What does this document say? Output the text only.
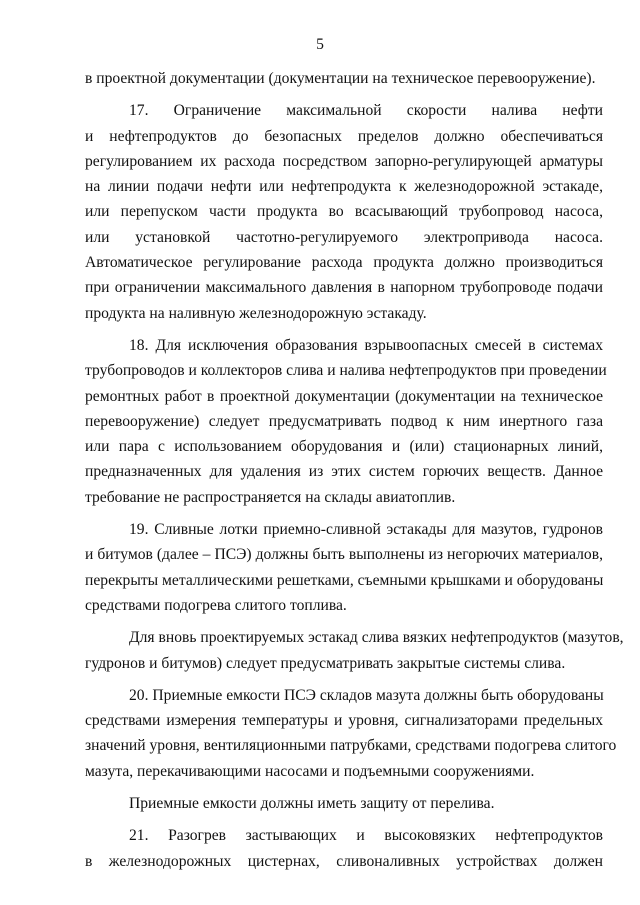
5
в проектной документации (документации на техническое перевооружение).
17. Ограничение максимальной скорости налива нефти
и нефтепродуктов до безопасных пределов должно обеспечиваться
регулированием их расхода посредством запорно-регулирующей арматуры
на линии подачи нефти или нефтепродукта к железнодорожной эстакаде,
или перепуском части продукта во всасывающий трубопровод насоса,
или установкой частотно-регулируемого электропривода насоса.
Автоматическое регулирование расхода продукта должно производиться
при ограничении максимального давления в напорном трубопроводе подачи
продукта на наливную железнодорожную эстакаду.
18. Для исключения образования взрывоопасных смесей в системах
трубопроводов и коллекторов слива и налива нефтепродуктов при проведении
ремонтных работ в проектной документации (документации на техническое
перевооружение) следует предусматривать подвод к ним инертного газа
или пара с использованием оборудования и (или) стационарных линий,
предназначенных для удаления из этих систем горючих веществ. Данное
требование не распространяется на склады авиатоплив.
19. Сливные лотки приемно-сливной эстакады для мазутов, гудронов
и битумов (далее – ПСЭ) должны быть выполнены из негорючих материалов,
перекрыты металлическими решетками, съемными крышками и оборудованы
средствами подогрева слитого топлива.
Для вновь проектируемых эстакад слива вязких нефтепродуктов (мазутов,
гудронов и битумов) следует предусматривать закрытые системы слива.
20. Приемные емкости ПСЭ складов мазута должны быть оборудованы
средствами измерения температуры и уровня, сигнализаторами предельных
значений уровня, вентиляционными патрубками, средствами подогрева слитого
мазута, перекачивающими насосами и подъемными сооружениями.
Приемные емкости должны иметь защиту от перелива.
21. Разогрев застывающих и высоковязких нефтепродуктов
в железнодорожных цистернах, сливоналивных устройствах должен
